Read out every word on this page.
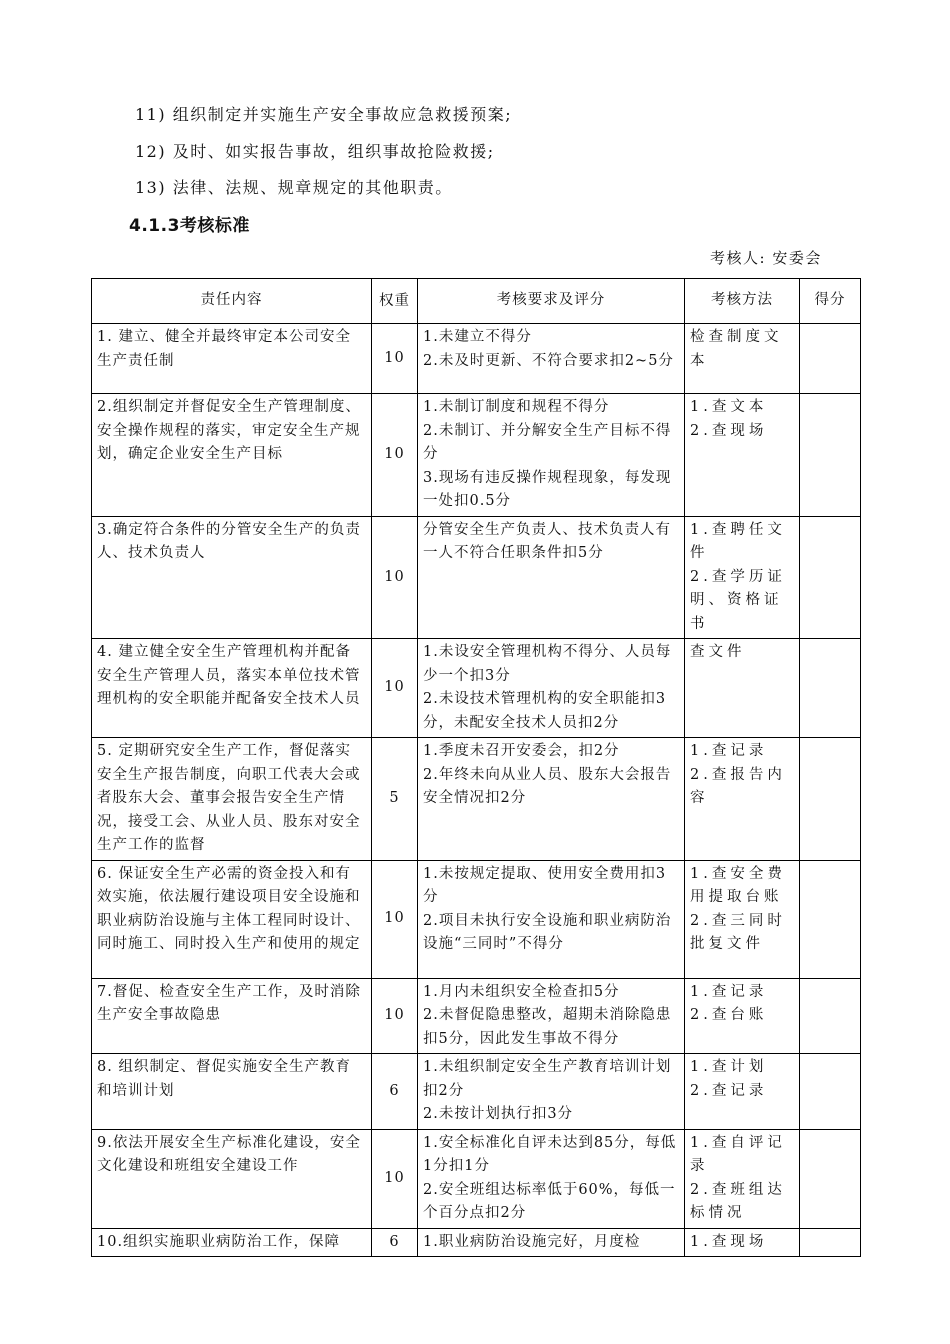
11) 组织制定并实施生产安全事故应急救援预案;
12) 及时、如实报告事故，组织事故抢险救援;
13) 法律、法规、规章规定的其他职责。
4.1.3考核标准
考核人: 安委会
责任内容	权重	考核要求及评分	考核方法	得分
1. 建立、健全并最终审定本公司安全生产责任制	10	1.未建立不得分
2.未及时更新、不符合要求扣2~5分	检查制度文本	

2.组织制定并督促安全生产管理制度、安全操作规程的落实，审定安全生产规划，确定企业安全生产目标	10	1.未制订制度和规程不得分
2.未制订、并分解安全生产目标不得分
3.现场有违反操作规程现象，每发现一处扣0.5分	1.查文本
2.查现场	

3.确定符合条件的分管安全生产的负责人、技术负责人	10	分管安全生产负责人、技术负责人有一人不符合任职条件扣5分	1.查聘任文件
2.查学历证明、资格证书	

4. 建立健全安全生产管理机构并配备安全生产管理人员，落实本单位技术管理机构的安全职能并配备安全技术人员	10	1.未设安全管理机构不得分、人员每少一个扣3分
2.未设技术管理机构的安全职能扣3分，未配安全技术人员扣2分	查文件	

5. 定期研究安全生产工作，督促落实安全生产报告制度，向职工代表大会或者股东大会、董事会报告安全生产情况，接受工会、从业人员、股东对安全生产工作的监督	5	1.季度未召开安委会，扣2分
2.年终未向从业人员、股东大会报告安全情况扣2分	1.查记录
2.查报告内容	

6. 保证安全生产必需的资金投入和有效实施，依法履行建设项目安全设施和职业病防治设施与主体工程同时设计、同时施工、同时投入生产和使用的规定	10	1.未按规定提取、使用安全费用扣3分
2.项目未执行安全设施和职业病防治设施“三同时”不得分	1.查安全费用提取台账
2.查三同时批复文件	

7.督促、检查安全生产工作，及时消除生产安全事故隐患	10	1.月内未组织安全检查扣5分
2.未督促隐患整改，超期未消除隐患扣5分，因此发生事故不得分	1.查记录
2.查台账	

8. 组织制定、督促实施安全生产教育和培训计划	6	1.未组织制定安全生产教育培训计划扣2分
2.未按计划执行扣3分	1.查计划
2.查记录	

9.依法开展安全生产标准化建设，安全文化建设和班组安全建设工作	10	1.安全标准化自评未达到85分，每低1分扣1分
2.安全班组达标率低于60%，每低一个百分点扣2分	1.查自评记录
2.查班组达标情况	

10.组织实施职业病防治工作，保障	6	1.职业病防治设施完好，月度检	1.查现场	
